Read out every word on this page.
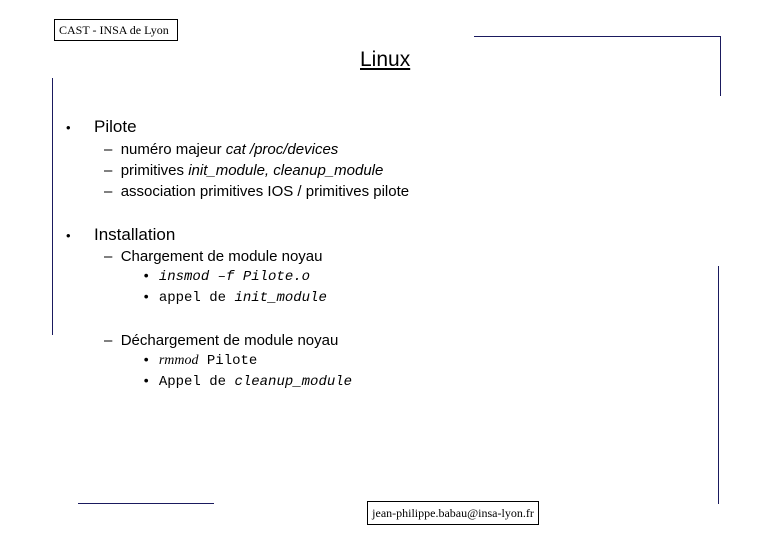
CAST - INSA de Lyon
Linux
• Pilote
– numéro majeur cat /proc/devices
– primitives init_module, cleanup_module
– association primitives IOS / primitives pilote
• Installation
– Chargement de module noyau
• insmod –f Pilote.o
• appel de init_module
– Déchargement de module noyau
• rmmod Pilote
• Appel de cleanup_module
jean-philippe.babau@insa-lyon.fr
